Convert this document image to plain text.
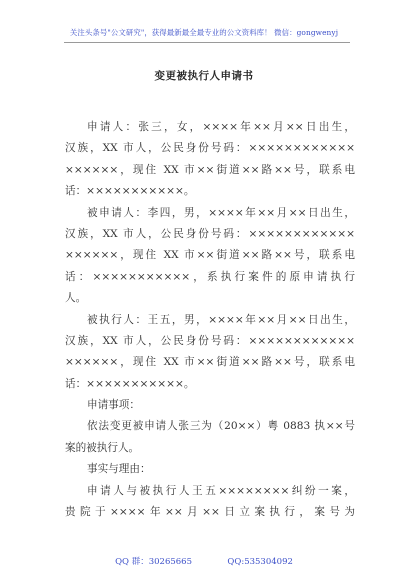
关注头条号"公文研究"，获得最新最全最专业的公文资料库！ 微信：gongwenyj
变更被执行人申请书
申请人：张三，女，××××年××月××日出生，
汉族，XX 市人，公民身份号码：××××××××××××
××××××，现住 XX 市××街道××路××号，联系电
话：×××××××××××。
被申请人：李四，男，××××年××月××日出生，
汉族，XX 市人，公民身份号码：××××××××××××
××××××，现住 XX 市××街道××路××号，联系电
话：×××××××××××，系执行案件的原申请执行
人。
被执行人：王五，男，××××年××月××日出生，
汉族，XX 市人，公民身份号码：××××××××××××
××××××，现住 XX 市××街道××路××号，联系电
话：×××××××××××。
申请事项：
依法变更被申请人张三为（20××）粤 0883 执××号
案的被执行人。
事实与理由：
申请人与被执行人王五××××××××纠纷一案，
贵院于××××年××月××日立案执行，案号为
QQ 群：30265665	QQ:535304092
